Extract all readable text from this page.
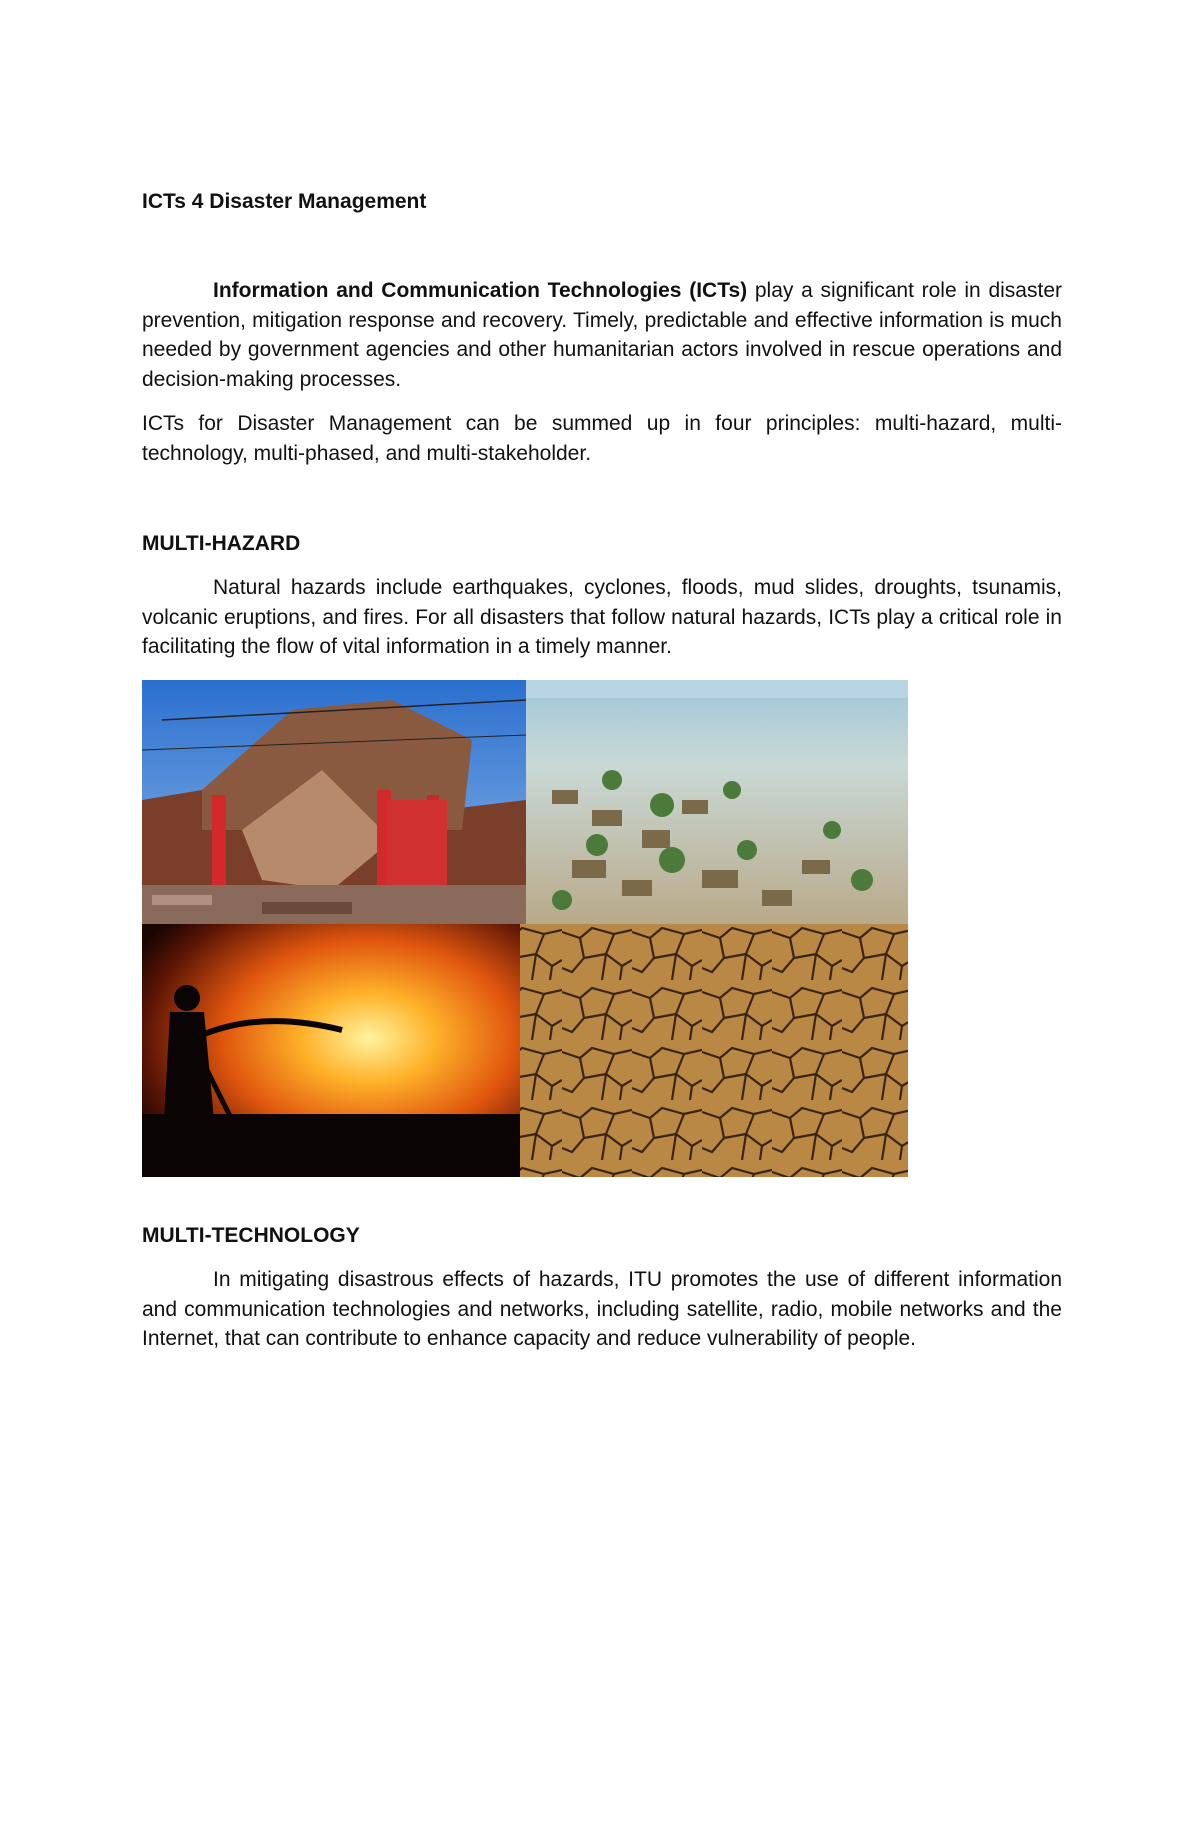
ICTs 4 Disaster Management

Information and Communication Technologies (ICTs) play a significant role in disaster prevention, mitigation response and recovery. Timely, predictable and effective information is much needed by government agencies and other humanitarian actors involved in rescue operations and decision-making processes.

ICTs for Disaster Management can be summed up in four principles: multi-hazard, multi-technology, multi-phased, and multi-stakeholder.

MULTI-HAZARD

Natural hazards include earthquakes, cyclones, floods, mud slides, droughts, tsunamis, volcanic eruptions, and fires. For all disasters that follow natural hazards, ICTs play a critical role in facilitating the flow of vital information in a timely manner.

MULTI-TECHNOLOGY

In mitigating disastrous effects of hazards, ITU promotes the use of different information and communication technologies and networks, including satellite, radio, mobile networks and the Internet, that can contribute to enhance capacity and reduce vulnerability of people.
